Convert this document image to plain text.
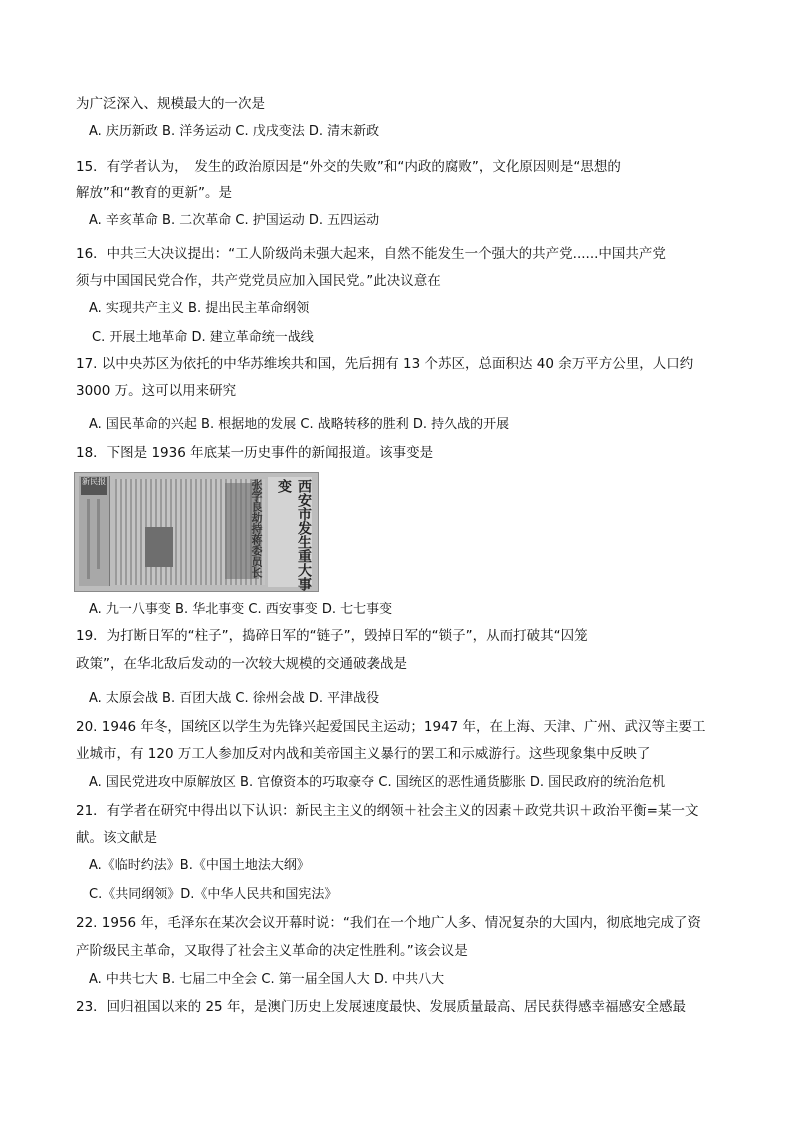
为广泛深入、规模最大的一次是
A. 庆历新政 B. 洋务运动 C. 戊戌变法 D. 清末新政
15．有学者认为，　发生的政治原因是“外交的失败”和“内政的腐败”，文化原因则是“思想的
解放”和“教育的更新”。是
A. 辛亥革命 B. 二次革命 C. 护国运动 D. 五四运动
16．中共三大决议提出：“工人阶级尚未强大起来，自然不能发生一个强大的共产党......中国共产党
须与中国国民党合作，共产党党员应加入国民党。”此决议意在
A. 实现共产主义 B. 提出民主革命纲领
C. 开展土地革命 D. 建立革命统一战线
17. 以中央苏区为依托的中华苏维埃共和国，先后拥有 13 个苏区，总面积达 40 余万平方公里，人口约
3000 万。这可以用来研究
A. 国民革命的兴起 B. 根据地的发展 C. 战略转移的胜利 D. 持久战的开展
18．下图是 1936 年底某一历史事件的新闻报道。该事变是
新民报	西安市发生重大事变
张学良劫持蒋委员长
A. 九一八事变 B. 华北事变 C. 西安事变 D. 七七事变
19．为打断日军的“柱子”，捣碎日军的“链子”，毁掉日军的“锁子”，从而打破其“囚笼
政策”，在华北敌后发动的一次较大规模的交通破袭战是
A. 太原会战 B. 百团大战 C. 徐州会战 D. 平津战役
20. 1946 年冬，国统区以学生为先锋兴起爱国民主运动；1947 年，在上海、天津、广州、武汉等主要工
业城市，有 120 万工人参加反对内战和美帝国主义暴行的罢工和示威游行。这些现象集中反映了
A. 国民党进攻中原解放区 B. 官僚资本的巧取豪夺 C. 国统区的恶性通货膨胀 D. 国民政府的统治危机
21．有学者在研究中得出以下认识：新民主主义的纲领＋社会主义的因素＋政党共识＋政治平衡=某一文
献。该文献是
A.《临时约法》B.《中国土地法大纲》
C.《共同纲领》D.《中华人民共和国宪法》
22. 1956 年，毛泽东在某次会议开幕时说：“我们在一个地广人多、情况复杂的大国内，彻底地完成了资
产阶级民主革命，又取得了社会主义革命的决定性胜利。”该会议是
A. 中共七大 B. 七届二中全会 C. 第一届全国人大 D. 中共八大
23．回归祖国以来的 25 年，是澳门历史上发展速度最快、发展质量最高、居民获得感幸福感安全感最
